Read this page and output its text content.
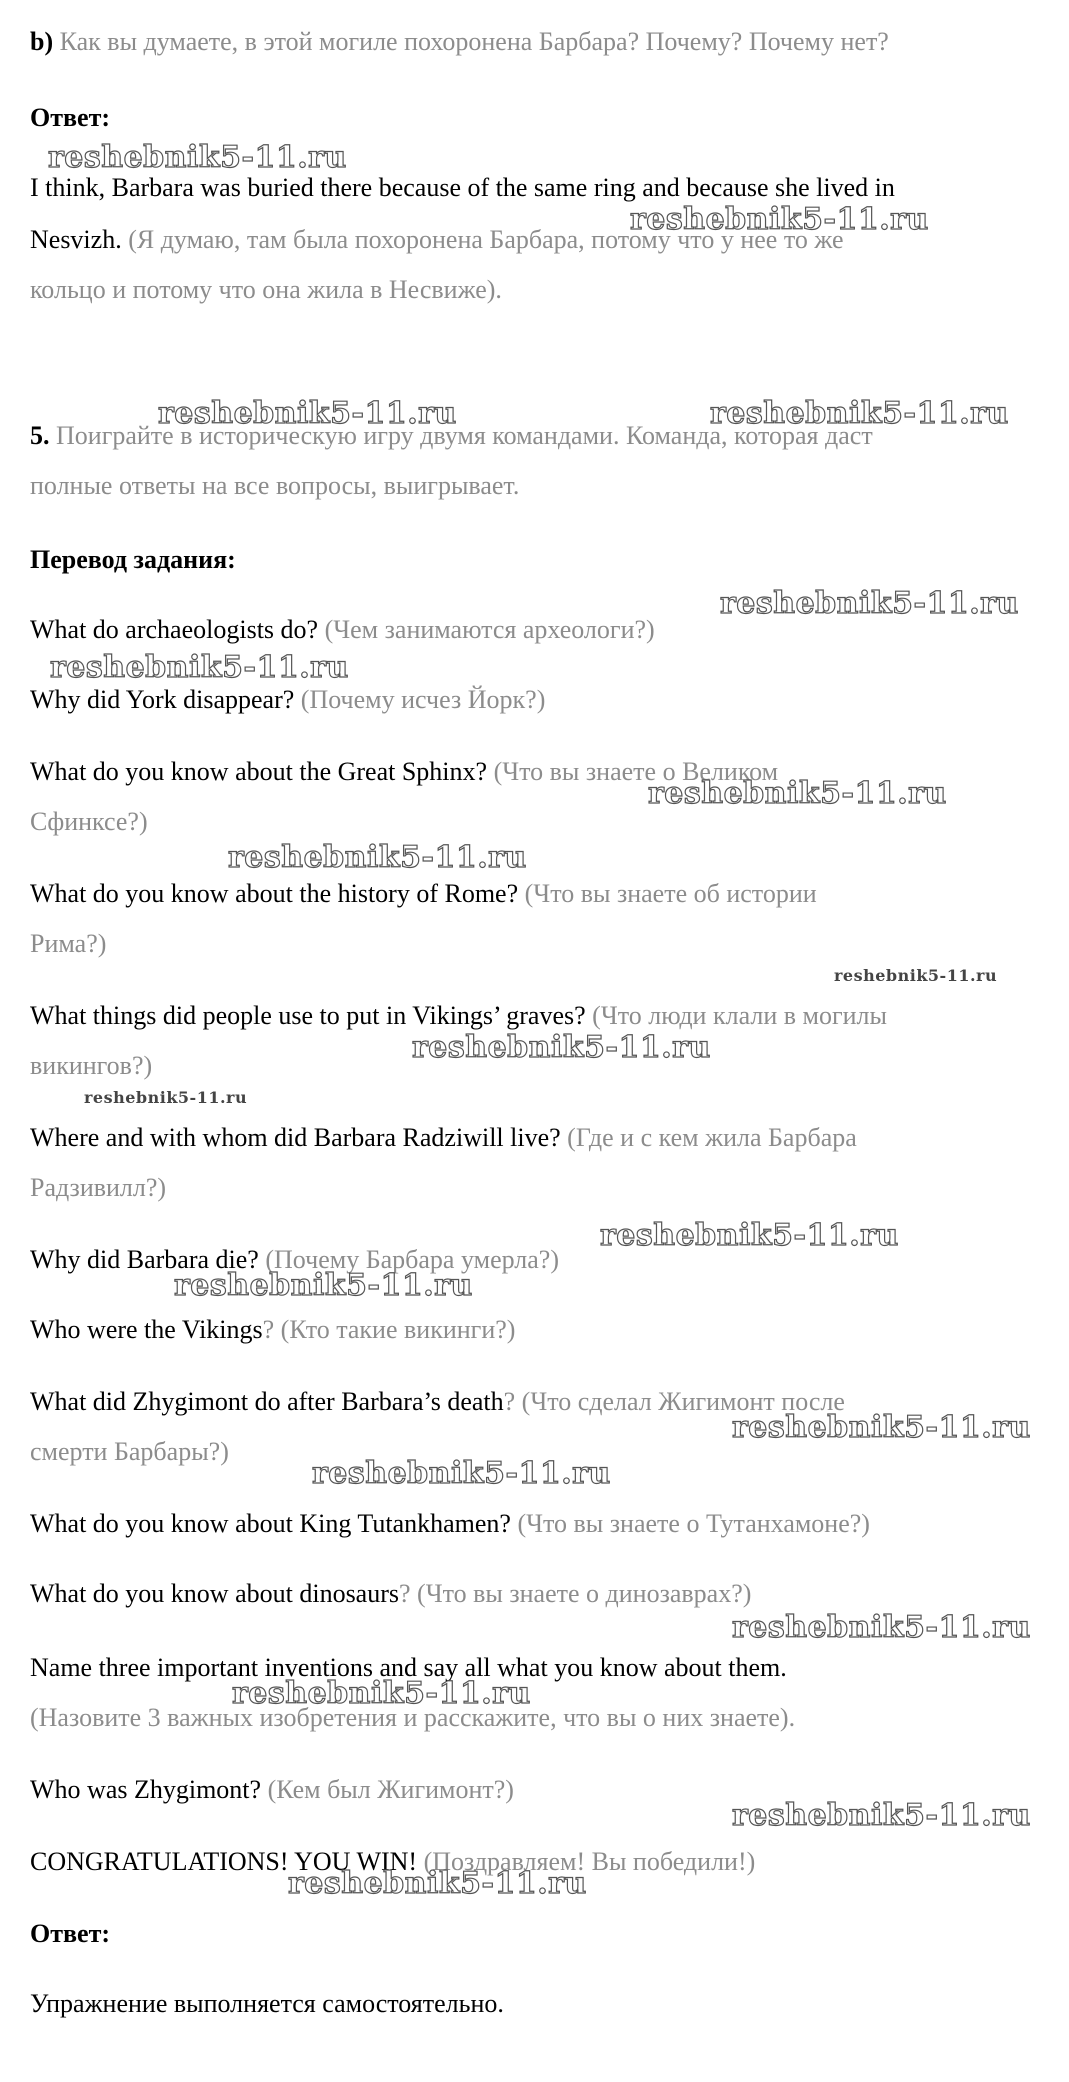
b) Как вы думаете, в этой могиле похоронена Барбара? Почему? Почему нет?
Ответ:
I think, Barbara was buried there because of the same ring and because she lived in
Nesvizh. (Я думаю, там была похоронена Барбара, потому что у нее то же
кольцо и потому что она жила в Несвиже).
5. Поиграйте в историческую игру двумя командами. Команда, которая даст
полные ответы на все вопросы, выигрывает.
Перевод задания:
What do archaeologists do? (Чем занимаются археологи?)
Why did York disappear? (Почему исчез Йорк?)
What do you know about the Great Sphinx? (Что вы знаете о Великом
Сфинксе?)
What do you know about the history of Rome? (Что вы знаете об истории
Рима?)
What things did people use to put in Vikings’ graves? (Что люди клали в могилы
викингов?)
Where and with whom did Barbara Radziwill live? (Где и с кем жила Барбара
Радзивилл?)
Why did Barbara die? (Почему Барбара умерла?)
Who were the Vikings? (Кто такие викинги?)
What did Zhygimont do after Barbara’s death? (Что сделал Жигимонт после
смерти Барбары?)
What do you know about King Tutankhamen? (Что вы знаете о Тутанхамоне?)
What do you know about dinosaurs? (Что вы знаете о динозаврах?)
Name three important inventions and say all what you know about them.
(Назовите 3 важных изобретения и расскажите, что вы о них знаете).
Who was Zhygimont? (Кем был Жигимонт?)
CONGRATULATIONS! YOU WIN! (Поздравляем! Вы победили!)
Ответ:
Упражнение выполняется самостоятельно.
reshebnik5-11.ru
reshebnik5-11.ru
reshebnik5-11.ru	reshebnik5-11.ru
reshebnik5-11.ru
reshebnik5-11.ru
reshebnik5-11.ru
reshebnik5-11.ru
reshebnik5-11.ru
reshebnik5-11.ru
reshebnik5-11.ru
reshebnik5-11.ru
reshebnik5-11.ru
reshebnik5-11.ru
reshebnik5-11.ru
reshebnik5-11.ru
reshebnik5-11.ru
reshebnik5-11.ru
reshebnik5-11.ru
